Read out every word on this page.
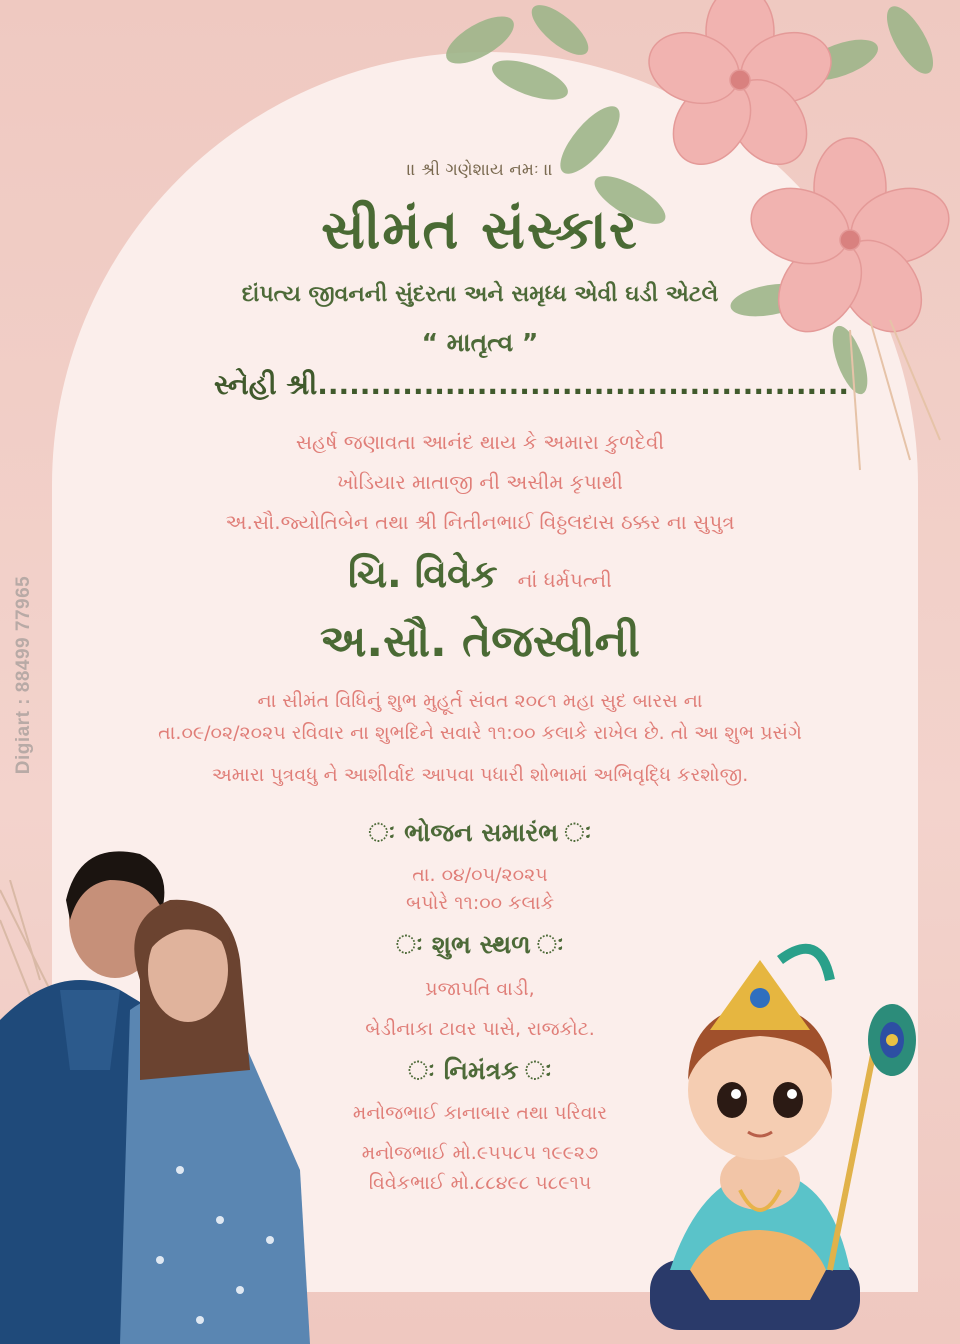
Digiart : 88499 77965
॥ શ્રી ગણેશાય નમઃ ॥
સીમંત સંસ્કાર
દાંપત્ય જીવનની સુંદરતા અને સમૃધ્ધ એવી ઘડી એટલે
“ માતૃત્વ ”
સ્નેહી શ્રી..................................................
સહર્ષ જણાવતા આનંદ થાય કે અમારા કુળદેવી
ખોડિયાર માતાજી ની અસીમ કૃપાથી
અ.સૌ.જ્યોતિબેન તથા શ્રી નિતીનભાઈ વિઠ્ઠલદાસ ઠક્કર ના સુપુત્ર
ચિ. વિવેક નાં ધર્મપત્ની
અ.સૌ. તેજસ્વીની
ના સીમંત વિધિનું શુભ મુહૂર્ત સંવત ૨૦૮૧ મહા સુદ બારસ ના
તા.૦૯/૦૨/૨૦૨૫ રવિવાર ના શુભદિને સવારે ૧૧:૦૦ કલાકે રાખેલ છે. તો આ શુભ પ્રસંગે
અમારા પુત્રવધુ ને આશીર્વાદ આપવા પધારી શોભામાં અભિવૃદ્ધિ કરશોજી.
ઃ ભોજન સમારંભ ઃ
તા. ૦૪/૦૫/૨૦૨૫
બપોરે ૧૧:૦૦ કલાકે
ઃ શુભ સ્થળ ઃ
પ્રજાપતિ વાડી,
બેડીનાકા ટાવર પાસે, રાજકોટ.
ઃ નિમંત્રક ઃ
મનોજભાઈ કાનાબાર તથા પરિવાર
મનોજભાઈ મો.૯૫૫૮૫ ૧૯૯૨૭
વિવેકભાઈ મો.૮૮૪૯૮ ૫૮૯૧૫
